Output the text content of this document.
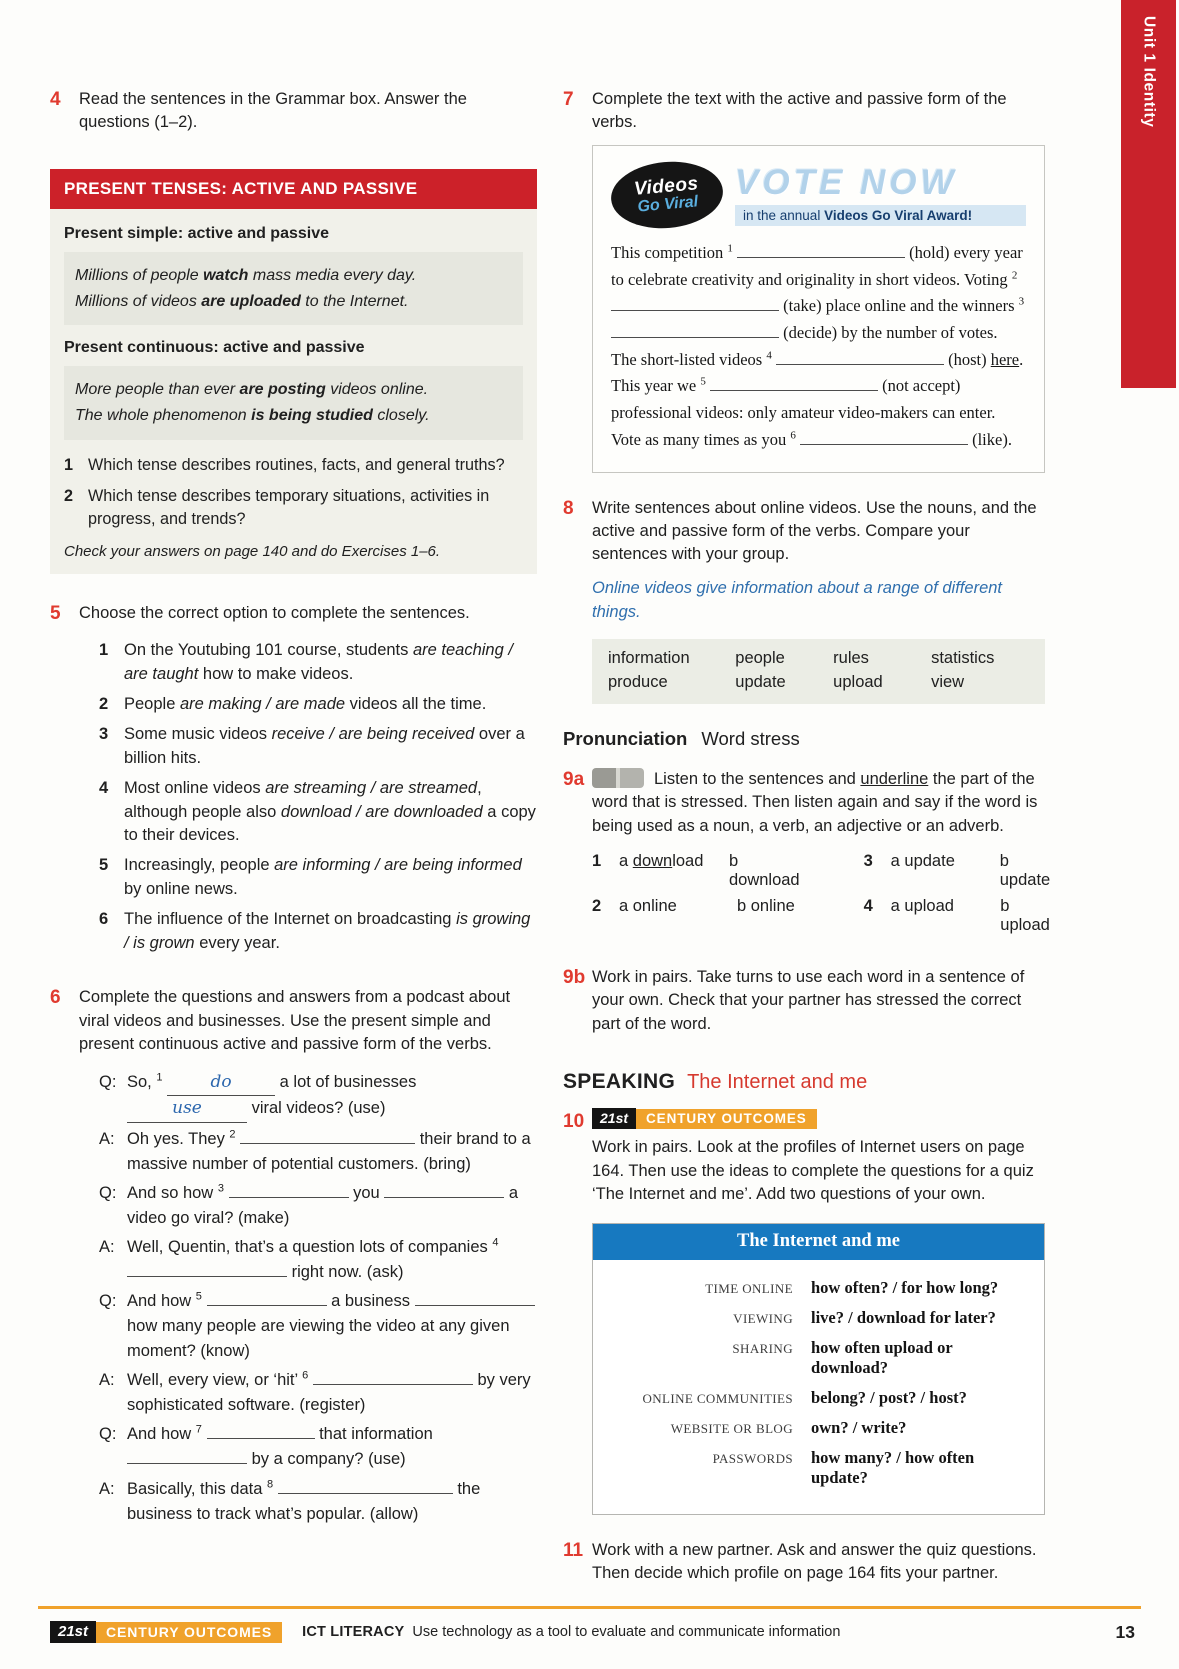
Unit 1 Identity
4	Read the sentences in the Grammar box. Answer the questions (1–2).
PRESENT TENSES: ACTIVE AND PASSIVE
Present simple: active and passive
Millions of people watch mass media every day.
Millions of videos are uploaded to the Internet.
Present continuous: active and passive
More people than ever are posting videos online.
The whole phenomenon is being studied closely.
1 Which tense describes routines, facts, and general truths?
2 Which tense describes temporary situations, activities in progress, and trends?
Check your answers on page 140 and do Exercises 1–6.
5	Choose the correct option to complete the sentences.
1 On the Youtubing 101 course, students are teaching / are taught how to make videos.
2 People are making / are made videos all the time.
3 Some music videos receive / are being received over a billion hits.
4 Most online videos are streaming / are streamed, although people also download / are downloaded a copy to their devices.
5 Increasingly, people are informing / are being informed by online news.
6 The influence of the Internet on broadcasting is growing / is grown every year.
6	Complete the questions and answers from a podcast about viral videos and businesses. Use the present simple and present continuous active and passive form of the verbs.
Q: So, $^1$	do	a lot of businesses use	viral videos? (use)
A: Oh yes. They $^2$	their brand to a massive number of potential customers. (bring)
Q: And so how $^3$	you	a video go viral? (make)
A: Well, Quentin, that’s a question lots of companies $^4$  right now. (ask)
Q: And how $^5$	a business  how many people are viewing the video at any given moment? (know)
A: Well, every view, or ‘hit’ $^6$	by very sophisticated software. (register)
Q: And how $^7$	that information  by a company? (use)
A: Basically, this data $^8$	the business to track what’s popular. (allow)
7	Complete the text with the active and passive form of the verbs.
Videos
Go Viral
VOTE NOW
in the annual Videos Go Viral Award!
This competition $^1$	(hold) every year to celebrate creativity and originality in short videos. Voting $^2$  (take) place online and the winners $^3$  (decide) by the number of votes. The short-listed videos $^4$	(host) here. This year we $^5$	(not accept) professional videos: only amateur video-makers can enter. Vote as many times as you $^6$	(like).
8	Write sentences about online videos. Use the nouns, and the active and passive form of the verbs. Compare your sentences with your group.
Online videos give information about a range of different things.
information	people	rules	statistics
produce	update	upload	view
Pronunciation Word stress
9a	Listen to the sentences and underline the part of the word that is stressed. Then listen again and say if the word is being used as a noun, a verb, an adjective or an adverb.
1	a download	b download
2	a online	b online
3	a update	b update
4	a upload	b upload
9b Work in pairs. Take turns to use each word in a sentence of your own. Check that your partner has stressed the correct part of the word.
SPEAKING The Internet and me
10	21st CENTURY OUTCOMES
Work in pairs. Look at the profiles of Internet users on page 164. Then use the ideas to complete the questions for a quiz ‘The Internet and me’. Add two questions of your own.
The Internet and me
TIME ONLINE how often? / for how long?
VIEWING live? / download for later?
SHARING how often upload or download?
ONLINE COMMUNITIES belong? / post? / host?
WEBSITE OR BLOG own? / write?
PASSWORDS how many? / how often update?
11 Work with a new partner. Ask and answer the quiz questions. Then decide which profile on page 164 fits your partner.
21st	CENTURY OUTCOMES	ICT LITERACY Use technology as a tool to evaluate and communicate information	13
